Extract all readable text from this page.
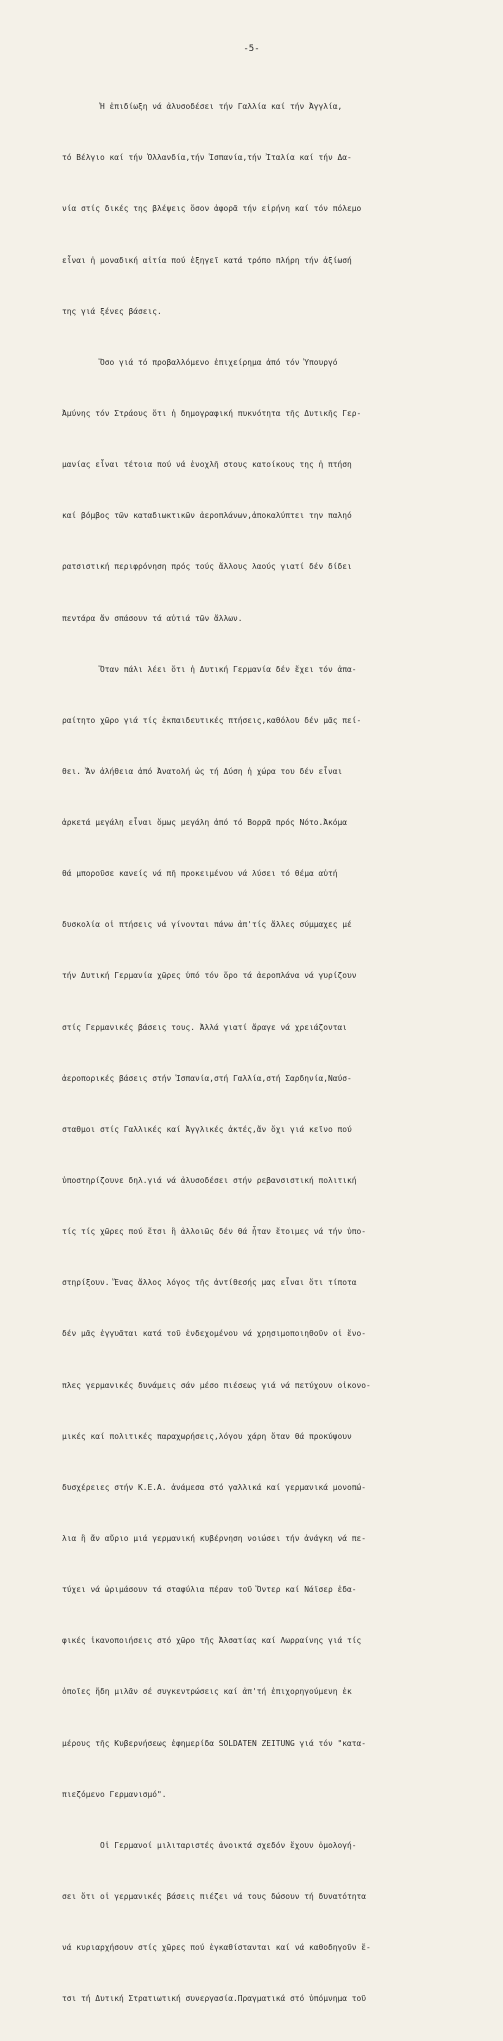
-5-

Ἡ ἐπιδίωξη νά ἀλυσοδέσει τήν Γαλλία καί τήν Ἀγγλία,

τό Βέλγιο καί τήν Ὁλλανδία,τήν Ἱσπανία,τήν Ἰταλία καί τήν Δα-

νία στίς δικές της βλέψεις ὅσον ἀφορᾶ τήν εἰρήνη καί τόν πόλεμο

εἶναι ἡ μοναδική αἰτία πού ἐξηγεῖ κατά τρόπο πλήρη τήν ἀξίωσή

της γιά ξένες βάσεις.

Ὅσο γιά τό προβαλλόμενο ἐπιχείρημα ἀπό τόν Ὑπουργό

Ἀμύνης τόν Στράους ὅτι ἡ δημογραφική πυκνότητα τῆς Δυτικῆς Γερ-

μανίας εἶναι τέτοια πού νά ἐνοχλῆ στους κατοίκους της ἡ πτήση

καί βόμβος τῶν καταδιωκτικῶν ἀεροπλάνων,ἀποκαλύπτει την παληό

ρατσιστική περιφρόνηση πρός τούς ἄλλους λαούς γιατί δέν δίδει

πεντάρα ἄν σπάσουν τά αὐτιά τῶν ἄλλων.

Ὅταν πάλι λέει ὅτι ἡ Δυτική Γερμανία δέν ἔχει τόν ἀπα-

ραίτητο χῶρο γιά τίς ἐκπαιδευτικές πτήσεις,καθόλου δέν μᾶς πεί-

θει. Ἄν ἀλήθεια ἀπό Ἀνατολή ὡς τή Δύση ἡ χώρα του δέν εἶναι

ἀρκετά μεγάλη εἶναι ὅμως μεγάλη ἀπό τό Βορρᾶ πρός Νότο.Ἀκόμα

θά μποροῦσε κανείς νά πῆ προκειμένου νά λύσει τό θέμα αὐτή

δυσκολία οἱ πτήσεις νά γίνονται πάνω ἀπ'τίς ἄλλες σύμμαχες μέ

τήν Δυτική Γερμανία χῶρες ὑπό τόν ὅρο τά ἀεροπλάνα νά γυρίζουν

στίς Γερμανικές βάσεις τους. Ἀλλά γιατί ἄραγε νά χρειάζονται

ἀεροπορικές βάσεις στήν Ἱσπανία,στή Γαλλία,στή Σαρδηνία,Ναύσ-

σταθμοι στίς Γαλλικές καί Ἀγγλικές ἀκτές,ἄν ὄχι γιά κεῖνο πού

ὑποστηρίζουνε δηλ.γιά νά ἀλυσοδέσει στήν ρεβανσιστική πολιτική

τίς τίς χῶρες πού ἔτσι ἢ ἀλλοιῶς δέν θά ἦταν ἕτοιμες νά τήν ὑπο-

στηρίξουν. Ἕνας ἄλλος λόγος τῆς ἀντίθεσής μας εἶναι ὅτι τίποτα

δέν μᾶς ἐγγυᾶται κατά τοῦ ἐνδεχομένου νά χρησιμοποιηθοῦν οἱ ἔνο-

πλες γερμανικές δυνάμεις σάν μέσο πιέσεως γιά νά πετύχουν οἰκονο-

μικές καί πολιτικές παραχωρήσεις,λόγου χάρη ὅταν θά προκύψουν

δυσχέρειες στήν Κ.Ε.Α. ἀνάμεσα στό γαλλικά καί γερμανικά μονοπώ-

λια ἢ ἄν αὔριο μιά γερμανική κυβέρνηση νοιώσει τήν ἀνάγκη νά πε-

τύχει νά ὡριμάσουν τά σταφύλια πέραν τοῦ Ὄντερ καί Νάϊσερ ἐδα-

φικές ἱκανοποιήσεις στό χῶρο τῆς Ἀλσατίας καί Λωρραίνης γιά τίς

ὁποῖες ἤδη μιλᾶν σέ συγκεντρώσεις καί ἀπ'τή ἐπιχορηγούμενη ἐκ

μέρους τῆς Κυβερνήσεως ἐφημερίδα SOLDATEN ZEITUNG γιά τόν "κατα-

πιεζόμενο Γερμανισμό".

Οἱ Γερμανοί μιλιταριστές ἀνοικτά σχεδόν ἔχουν ὁμολογή-

σει ὅτι οἱ γερμανικές βάσεις πιέζει νά τους δώσουν τή δυνατότητα

νά κυριαρχήσουν στίς χῶρες πού ἐγκαθίστανται καί νά καθοδηγοῦν ἔ-

τσι τή Δυτική Στρατιωτική συνεργασία.Πραγματικά στό ὑπόμνημα τοῦ
